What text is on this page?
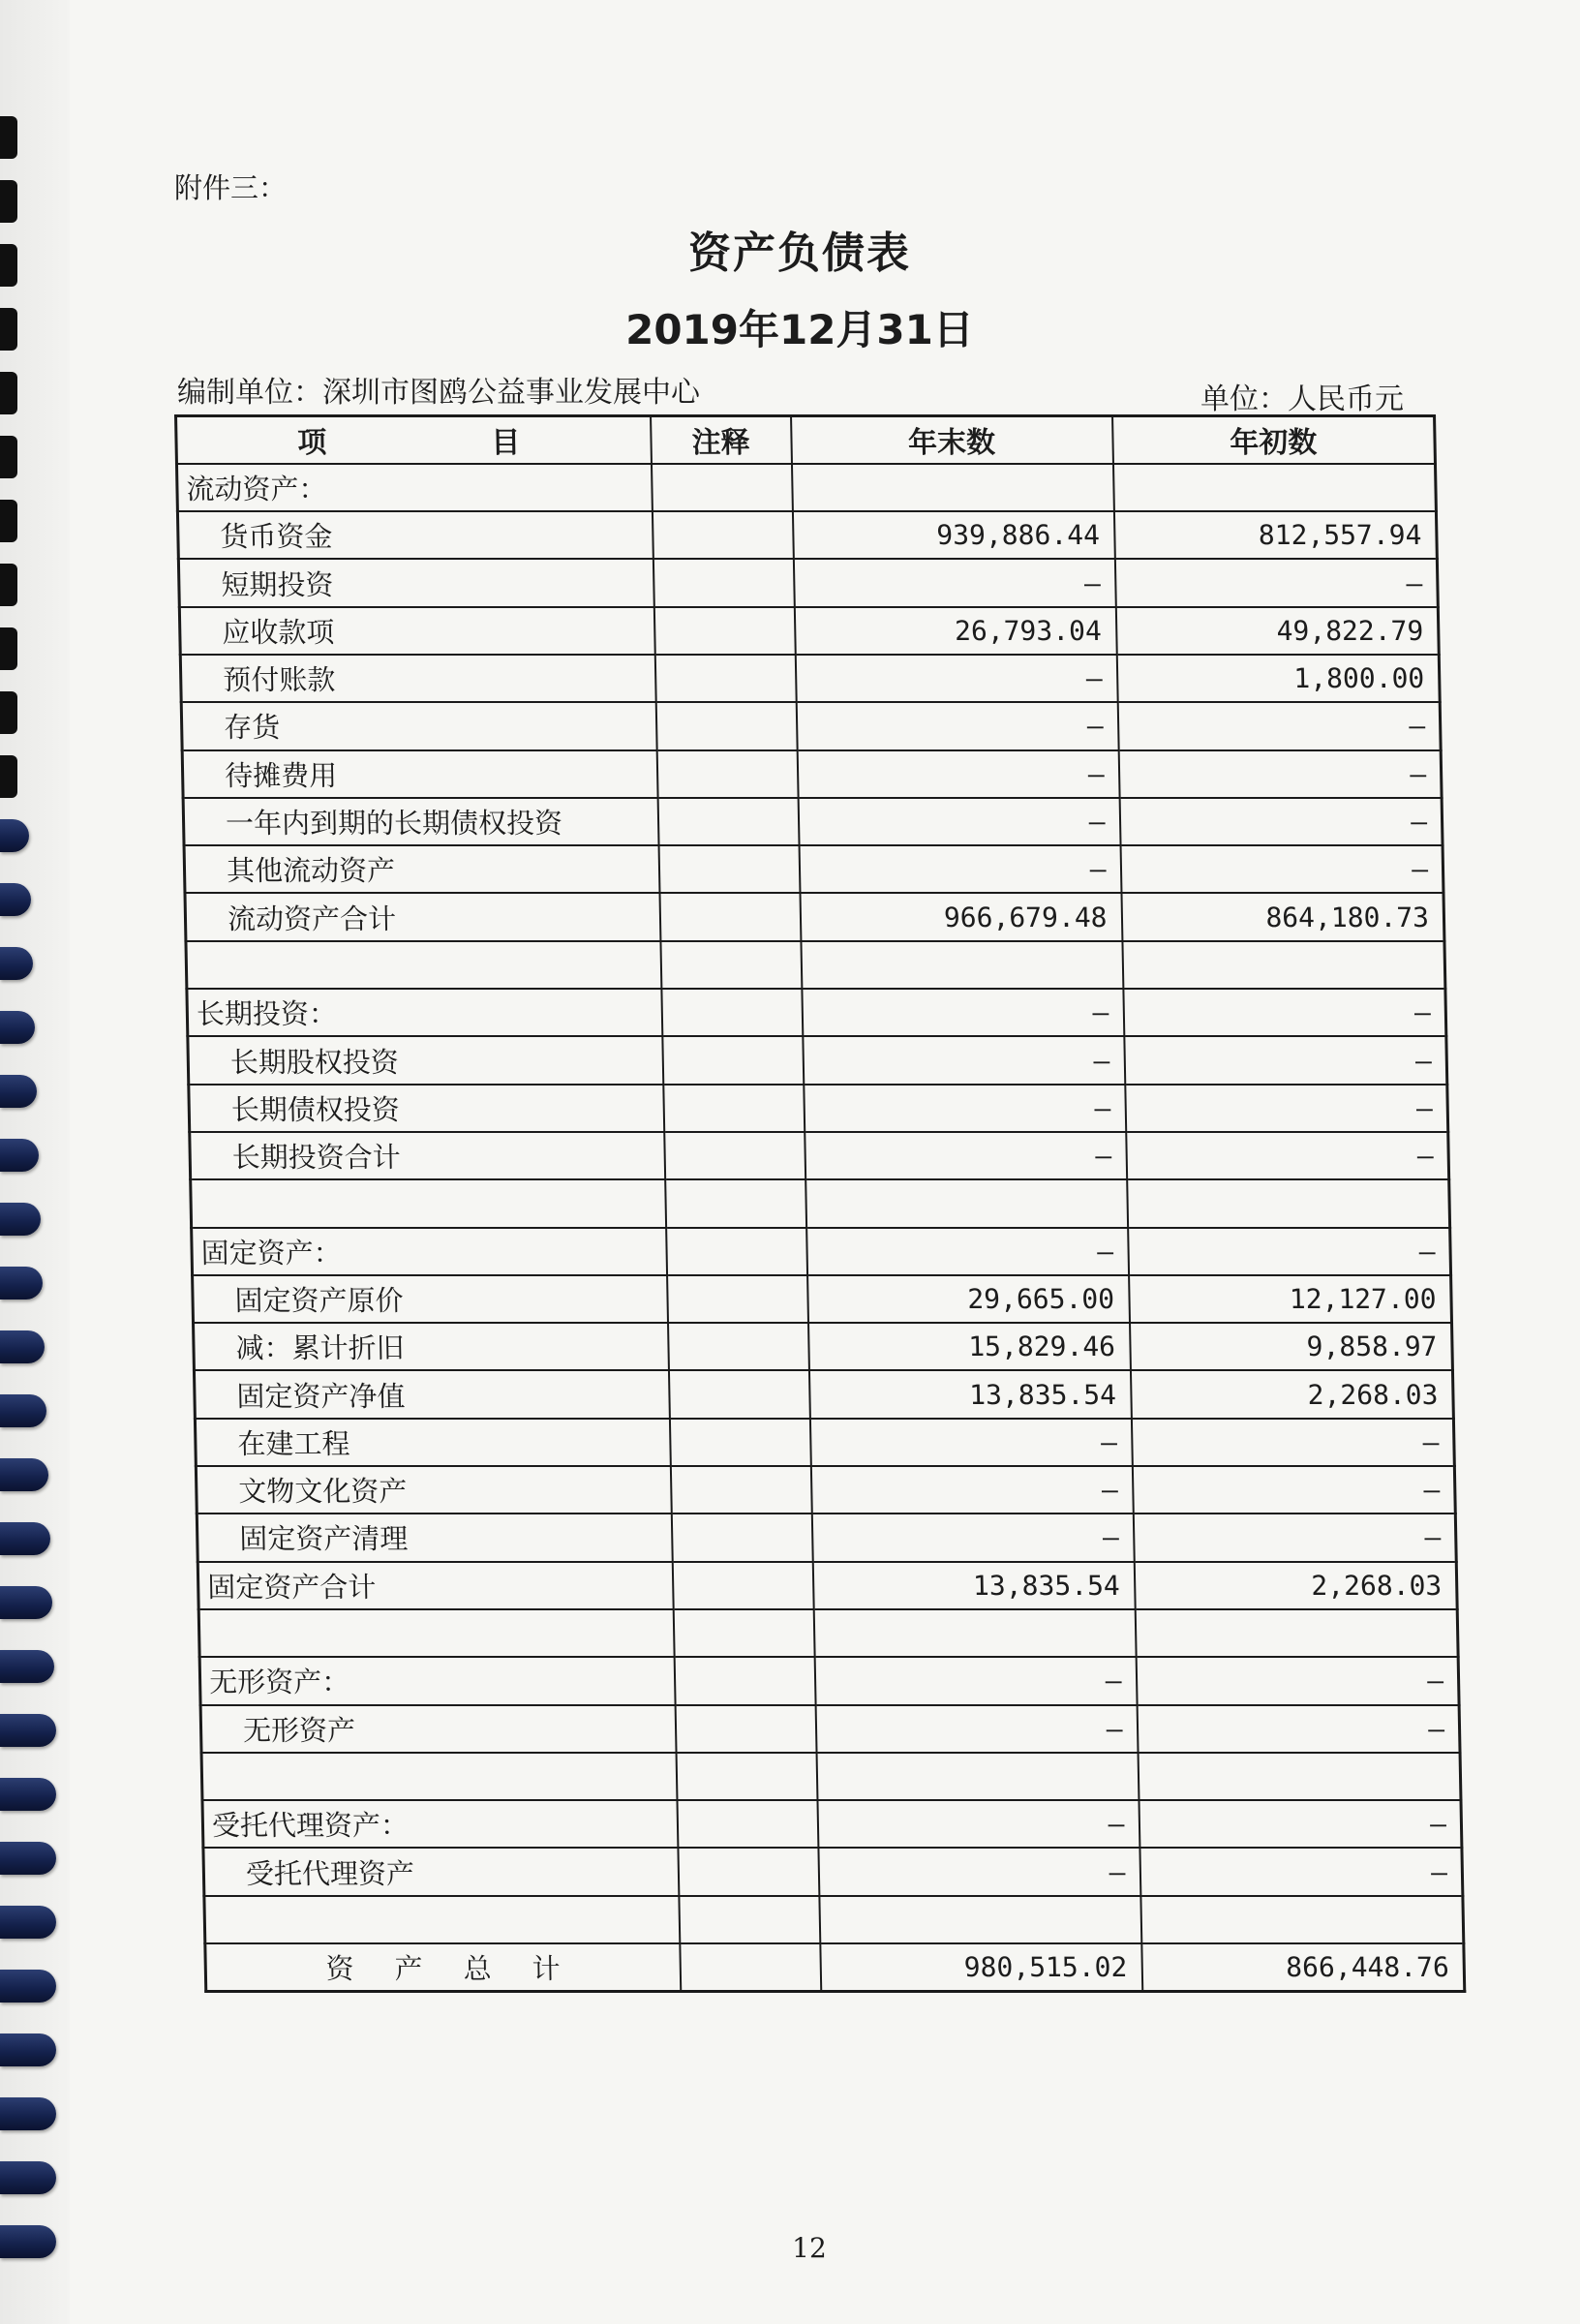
附件三：
资产负债表
2019年12月31日
编制单位：深圳市图鸥公益事业发展中心	单位：人民币元
项　目	注释	年末数	年初数
流动资产：			
货币资金		939,886.44	812,557.94
短期投资		–	–
应收款项		26,793.04	49,822.79
预付账款		–	1,800.00
存货		–	–
待摊费用		–	–
一年内到期的长期债权投资		–	–
其他流动资产		–	–
流动资产合计		966,679.48	864,180.73

长期投资：		–	–
长期股权投资		–	–
长期债权投资		–	–
长期投资合计		–	–

固定资产：		–	–
固定资产原价		29,665.00	12,127.00
减：累计折旧		15,829.46	9,858.97
固定资产净值		13,835.54	2,268.03
在建工程		–	–
文物文化资产		–	–
固定资产清理		–	–
固定资产合计		13,835.54	2,268.03

无形资产：		–	–
无形资产		–	–

受托代理资产：		–	–
受托代理资产		–	–

资产总计		980,515.02	866,448.76
12
